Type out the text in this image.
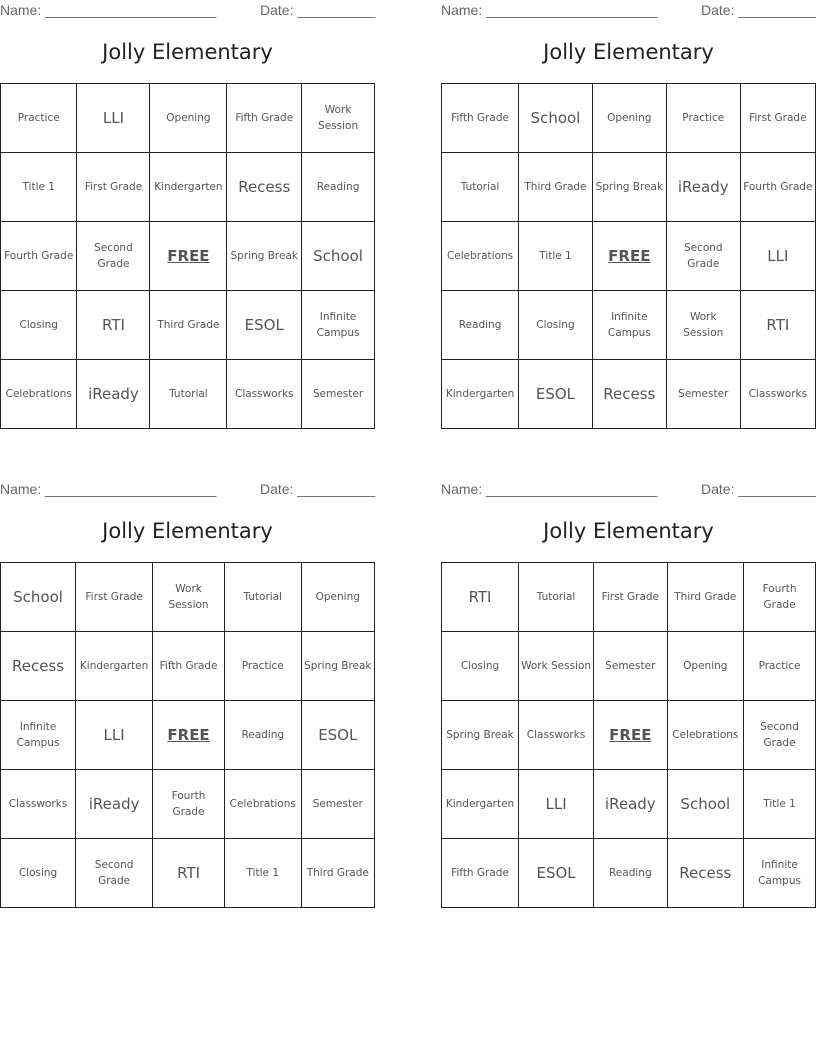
Name: ______________________	Date: __________
Jolly Elementary
Practice	LLI	Opening	Fifth Grade	Work Session
Title 1	First Grade	Kindergarten	Recess	Reading
Fourth Grade	Second Grade	FREE	Spring Break	School
Closing	RTI	Third Grade	ESOL	Infinite Campus
Celebrations	iReady	Tutorial	Classworks	Semester
Name: ______________________	Date: __________
Jolly Elementary
Fifth Grade	School	Opening	Practice	First Grade
Tutorial	Third Grade	Spring Break	iReady	Fourth Grade
Celebrations	Title 1	FREE	Second Grade	LLI
Reading	Closing	Infinite Campus	Work Session	RTI
Kindergarten	ESOL	Recess	Semester	Classworks
Name: ______________________	Date: __________
Jolly Elementary
School	First Grade	Work Session	Tutorial	Opening
Recess	Kindergarten	Fifth Grade	Practice	Spring Break
Infinite Campus	LLI	FREE	Reading	ESOL
Classworks	iReady	Fourth Grade	Celebrations	Semester
Closing	Second Grade	RTI	Title 1	Third Grade
Name: ______________________	Date: __________
Jolly Elementary
RTI	Tutorial	First Grade	Third Grade	Fourth Grade
Closing	Work Session	Semester	Opening	Practice
Spring Break	Classworks	FREE	Celebrations	Second Grade
Kindergarten	LLI	iReady	School	Title 1
Fifth Grade	ESOL	Reading	Recess	Infinite Campus
